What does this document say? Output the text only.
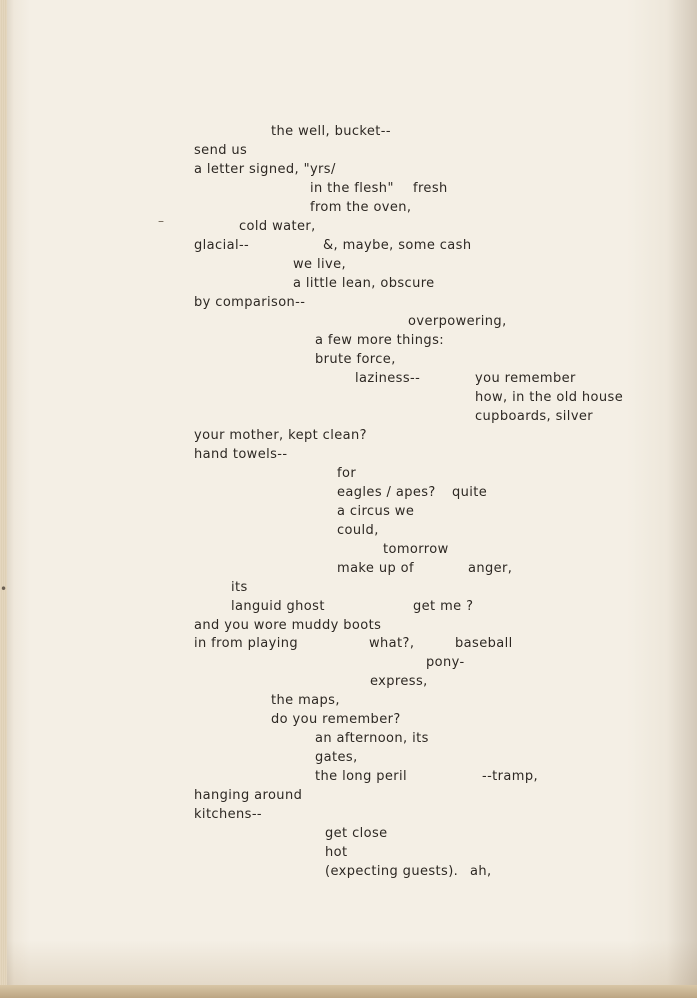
–
•
the well, bucket--
send us
a letter signed, "yrs/
in the flesh" fresh
from the oven,
cold water,
glacial--	&, maybe, some cash
we live,
a little lean, obscure
by comparison--
overpowering,
a few more things:
brute force,
laziness--	you remember
how, in the old house
cupboards, silver
your mother, kept clean?
hand towels--
for
eagles / apes? quite
a circus we
could,
tomorrow
make up of	anger,
its
languid ghost	get me ?
and you wore muddy boots
in from playing	what?,	baseball
pony-
express,
the maps,
do you remember?
an afternoon, its
gates,
the long peril	--tramp,
hanging around
kitchens--
get close
hot
(expecting guests). ah,
